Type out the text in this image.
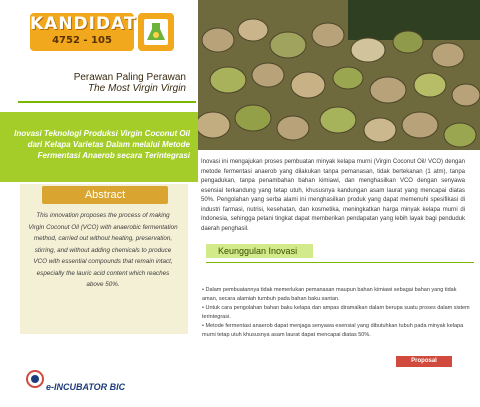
KANDIDAT
4752 - 105
Perawan Paling Perawan
The Most Virgin Virgin
Inovasi Teknologi Produksi Virgin Coconut Oil dari Kelapa Varietas Dalam melalui Metode Fermentasi Anaerob secara Terintegrasi
Abstract
This innovation proposes the process of making Virgin Coconut Oil (VCO) with anaerobic fermentation method, carried out without heating, preservation, stirring, and without adding chemicals to produce VCO with essential compounds that remain intact, especially the lauric acid content which reaches above 50%.
e-INCUBATOR BIC
Inovasi ini mengajukan proses pembuatan minyak kelapa murni (Virgin Coconut Oil/ VCO) dengan metode fermentasi anaerob yang dilakukan tanpa pemanasan, tidak bertekanan (1 atm), tanpa pengadukan, tanpa penambahan bahan kimiawi, dan menghasilkan VCO dengan senyawa esensial terkandung yang tetap utuh, khususnya kandungan asam laurat yang mencapai diatas 50%. Pengolahan yang serba alami ini menghasilkan produk yang dapat memenuhi spesifikasi di industri farmasi, nutrisi, kesehatan, dan kosmetika, meningkatkan harga minyak kelapa murni di Indonesia, sehingga petani tingkat dapat memberikan pendapatan yang lebih layak bagi penduduk daerah penghasil.
Keunggulan Inovasi
• Dalam pembuatannya tidak memerlukan pemanasan maupun bahan kimiawi sebagai bahan yang tidak aman, secara alamiah tumbuh pada bahan baku santan.
• Untuk cara pengolahan bahan baku kelapa dan ampas diramalkan dalam berupa suatu proses dalam sistem terintegrasi.
• Metode fermentasi anaerob dapat menjaga senyawa esensial yang dibutuhkan tubuh pada minyak kelapa murni tetap utuh khususnya asam laurat dapat mencapai diatas 50%.
Proposal
